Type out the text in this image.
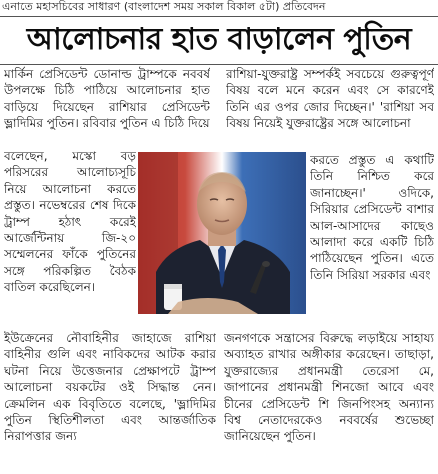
এনাতে মহাসচিবের সাধারণ (বাংলাদেশ সময় সকাল বিকাল ৫টা) প্রতিবেদন
আলোচনার হাত বাড়ালেন পুতিন

মার্কিন প্রেসিডেন্ট ডোনাল্ড ট্রাম্পকে নববর্ষ উপলক্ষে চিঠি পাঠিয়ে আলোচনার হাত বাড়িয়ে দিয়েছেন রাশিয়ার প্রেসিডেন্ট ভ্লাদিমির পুতিন। রবিবার পুতিন এ চিঠি দিয়ে

বলেছেন, মস্কো বড় পরিসরের আলোচ্যসূচি নিয়ে আলোচনা করতে প্রস্তুত। নভেম্বরের শেষ দিকে ট্রাম্প হঠাৎ করেই আর্জেন্টিনায় জি-২০ সম্মেলনের ফাঁকে পুতিনের সঙ্গে পরিকল্পিত বৈঠক বাতিল করেছিলেন।

রাশিয়া-যুক্তরাষ্ট্র সম্পর্কই সবচেয়ে গুরুত্বপূর্ণ বিষয় বলে মনে করেন এবং সে কারণেই তিনি এর ওপর জোর দিচ্ছেন।' 'রাশিয়া সব বিষয় নিয়েই যুক্তরাষ্ট্রের সঙ্গে আলোচনা

করতে প্রস্তুত এ কথাটি তিনি নিশ্চিত করে জানাচ্ছেন।' ওদিকে, সিরিয়ার প্রেসিডেন্ট বাশার আল-আসাদের কাছেও আলাদা করে একটি চিঠি পাঠিয়েছেন পুতিন। এতে তিনি সিরিয়া সরকার এবং

ইউক্রেনের নৌবাহিনীর জাহাজে রাশিয়া বাহিনীর গুলি এবং নাবিকদের আটক করার ঘটনা নিয়ে উত্তেজনার প্রেক্ষাপটে ট্রাম্প আলোচনা বয়কটের ওই সিদ্ধান্ত নেন। ক্রেমলিন এক বিবৃতিতে বলেছে, 'ভ্লাদিমির পুতিন স্থিতিশীলতা এবং আন্তর্জাতিক নিরাপত্তার জন্য

জনগণকে সন্ত্রাসের বিরুদ্ধে লড়াইয়ে সাহায্য অব্যাহত রাখার অঙ্গীকার করেছেন। তাছাড়া, যুক্তরাজ্যের প্রধানমন্ত্রী তেরেসা মে, জাপানের প্রধানমন্ত্রী শিনজো আবে এবং চীনের প্রেসিডেন্ট শি জিনপিংসহ অন্যান্য বিশ্ব নেতাদেরকেও নববর্ষের শুভেচ্ছা জানিয়েছেন পুতিন।
